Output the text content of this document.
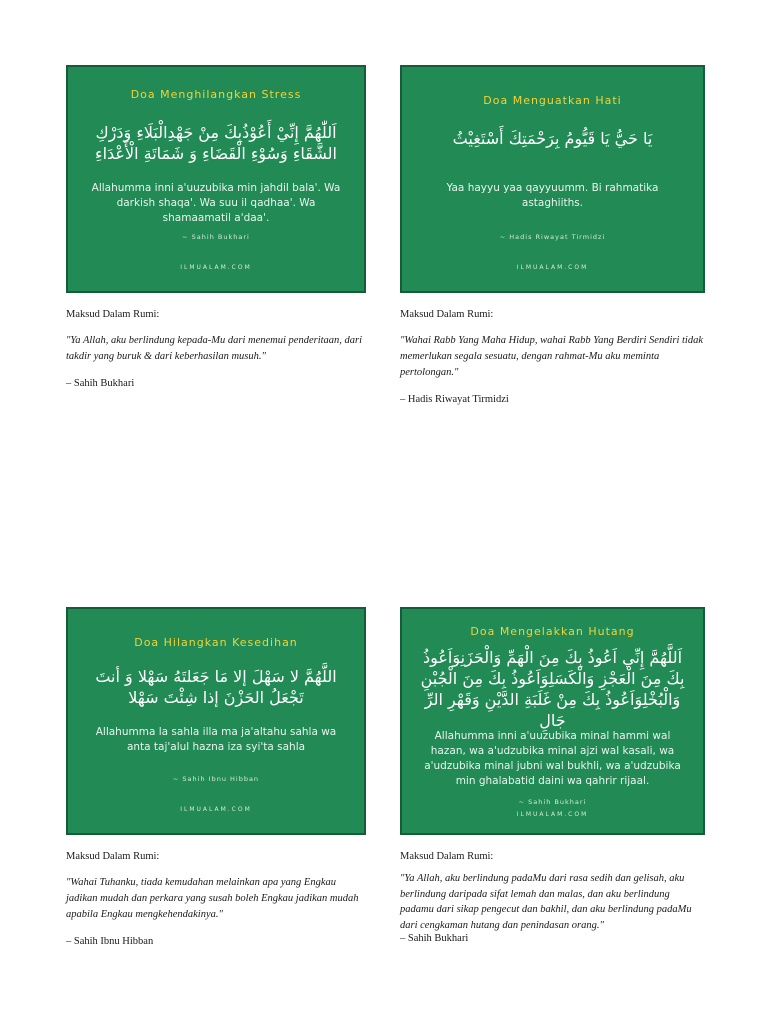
Doa Menghilangkan Stress
اَللّٰهُمَّ إِنِّيْ أَعُوْذُبِكَ مِنْ جَهْدِالْبَلَاءِ وَدَرْكِ الشَّقَاءِ وَسُوْءِ الْقَضَاءِ وَ شَمَاتَةِ الْأَعْدَاءِ
Allahumma inni a'uuzubika min jahdil bala'. Wa darkish shaqa'. Wa suu il qadhaa'. Wa shamaamatil a'daa'.
~ Sahih Bukhari
ILMUALAM.COM
Maksud Dalam Rumi:
"Ya Allah, aku berlindung kepada-Mu dari menemui penderitaan, dari takdir yang buruk & dari keberhasilan musuh."
– Sahih Bukhari
Doa Menguatkan Hati
يَا حَيُّ يَا قَيُّومُ بِرَحْمَتِكَ أَسْتَغِيْثُ
Yaa hayyu yaa qayyuumm. Bi rahmatika astaghiiths.
~ Hadis Riwayat Tirmidzi
ILMUALAM.COM
Maksud Dalam Rumi:
"Wahai Rabb Yang Maha Hidup, wahai Rabb Yang Berdiri Sendiri tidak memerlukan segala sesuatu, dengan rahmat-Mu aku meminta pertolongan."
– Hadis Riwayat Tirmidzi
Doa Hilangkan Kesedihan
اللَّهُمَّ لا سَهْلَ إلا مَا جَعَلتَهُ سَهْلا وَ أنتَ تَجْعَلُ الحَزْنَ إذا شِئْتَ سَهْلا
Allahumma la sahla illa ma ja'altahu sahla wa anta taj'alul hazna iza syi'ta sahla
~ Sahih Ibnu Hibban
ILMUALAM.COM
Maksud Dalam Rumi:
"Wahai Tuhanku, tiada kemudahan melainkan apa yang Engkau jadikan mudah dan perkara yang susah boleh Engkau jadikan mudah apabila Engkau mengkehendakinya."
– Sahih Ibnu Hibban
Doa Mengelakkan Hutang
اَللَّهُمَّ إِنِّي اَعُوذُ بِكَ مِنَ الْهَمِّ وَالْحَزَنِوَاَعُوذُ بِكَ مِنَ الْعَجْزِ وَالْكَسَلِوَاَعُوذُ بِكَ مِنَ الْجُبْنِ وَالْبُخْلِوَاَعُوذُ بِكَ مِنْ غَلَبَةِ الدَّيْنِ وَقَهْرِ الرِّ جَالِ
Allahumma inni a'uuzubika minal hammi wal hazan, wa a'udzubika minal ajzi wal kasali, wa a'udzubika minal jubni wal bukhli, wa a'udzubika min ghalabatid daini wa qahrir rijaal.
~ Sahih Bukhari
ILMUALAM.COM
Maksud Dalam Rumi:
"Ya Allah, aku berlindung padaMu dari rasa sedih dan gelisah, aku berlindung daripada sifat lemah dan malas, dan aku berlindung padamu dari sikap pengecut dan bakhil, dan aku berlindung padaMu dari cengkaman hutang dan penindasan orang."
– Sahih Bukhari
